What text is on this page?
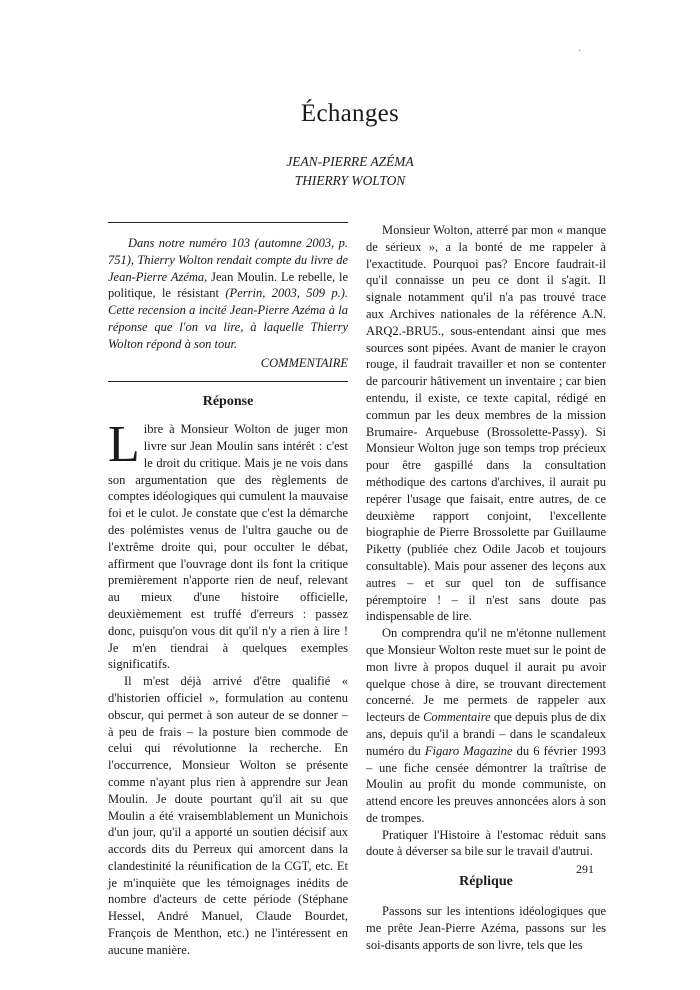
·
Échanges
JEAN-PIERRE AZÉMA
THIERRY WOLTON

Dans notre numéro 103 (automne 2003, p. 751), Thierry Wolton rendait compte du livre de Jean-Pierre Azéma, Jean Moulin. Le rebelle, le politique, le résistant (Perrin, 2003, 509 p.). Cette recension a incité Jean-Pierre Azéma à la réponse que l'on va lire, à laquelle Thierry Wolton répond à son tour.

COMMENTAIRE
Réponse

Libre à Monsieur Wolton de juger mon livre sur Jean Moulin sans intérêt : c'est le droit du critique. Mais je ne vois dans son argumentation que des règlements de comptes idéologiques qui cumulent la mauvaise foi et le culot. Je constate que c'est la démarche des polémistes venus de l'ultra gauche ou de l'extrême droite qui, pour occulter le débat, affirment que l'ouvrage dont ils font la critique premièrement n'apporte rien de neuf, relevant au mieux d'une histoire officielle, deuxièmement est truffé d'erreurs : passez donc, puisqu'on vous dit qu'il n'y a rien à lire ! Je m'en tiendrai à quelques exemples significatifs.

Il m'est déjà arrivé d'être qualifié « d'historien officiel », formulation au contenu obscur, qui permet à son auteur de se donner – à peu de frais – la posture bien commode de celui qui révolutionne la recherche. En l'occurrence, Monsieur Wolton se présente comme n'ayant plus rien à apprendre sur Jean Moulin. Je doute pourtant qu'il ait su que Moulin a été vraisemblablement un Munichois d'un jour, qu'il a apporté un soutien décisif aux accords dits du Perreux qui amorcent dans la clandestinité la réunification de la CGT, etc. Et je m'inquiète que les témoignages inédits de nombre d'acteurs de cette période (Stéphane Hessel, André Manuel, Claude Bourdet, François de Menthon, etc.) ne l'intéressent en aucune manière.

Monsieur Wolton, atterré par mon « manque de sérieux », a la bonté de me rappeler à l'exactitude. Pourquoi pas? Encore faudrait-il qu'il connaisse un peu ce dont il s'agit. Il signale notamment qu'il n'a pas trouvé trace aux Archives nationales de la référence A.N. ARQ2.-BRU5., sous-entendant ainsi que mes sources sont pipées. Avant de manier le crayon rouge, il faudrait travailler et non se contenter de parcourir hâtivement un inventaire ; car bien entendu, il existe, ce texte capital, rédigé en commun par les deux membres de la mission Brumaire- Arquebuse (Brossolette-Passy). Si Monsieur Wolton juge son temps trop précieux pour être gaspillé dans la consultation méthodique des cartons d'archives, il aurait pu repérer l'usage que faisait, entre autres, de ce deuxième rapport conjoint, l'excellente biographie de Pierre Brossolette par Guillaume Piketty (publiée chez Odile Jacob et toujours consultable). Mais pour assener des leçons aux autres – et sur quel ton de suffisance péremptoire ! – il n'est sans doute pas indispensable de lire.

On comprendra qu'il ne m'étonne nullement que Monsieur Wolton reste muet sur le point de mon livre à propos duquel il aurait pu avoir quelque chose à dire, se trouvant directement concerné. Je me permets de rappeler aux lecteurs de Commentaire que depuis plus de dix ans, depuis qu'il a brandi – dans le scandaleux numéro du Figaro Magazine du 6 février 1993 – une fiche censée démontrer la traîtrise de Moulin au profit du monde communiste, on attend encore les preuves annoncées alors à son de trompes.

Pratiquer l'Histoire à l'estomac réduit sans doute à déverser sa bile sur le travail d'autrui.

Réplique

Passons sur les intentions idéologiques que me prête Jean-Pierre Azéma, passons sur les soi-disants apports de son livre, tels que les

291
